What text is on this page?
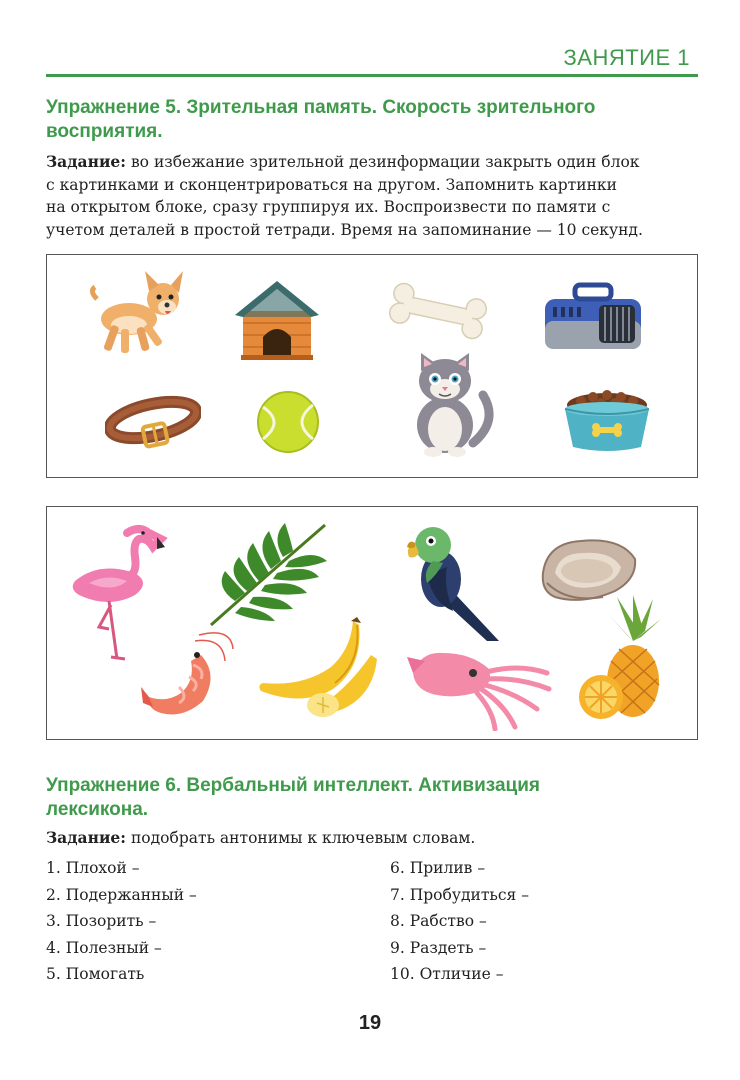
ЗАНЯТИЕ 1
Упражнение 5. Зрительная память. Скорость зрительного
восприятия.
Задание: во избежание зрительной дезинформации закрыть один блок
с картинками и сконцентрироваться на другом. Запомнить картинки
на открытом блоке, сразу группируя их. Воспроизвести по памяти с
учетом деталей в простой тетради. Время на запоминание — 10 секунд.
Упражнение 6. Вербальный интеллект. Активизация
лексикона.
Задание: подобрать антонимы к ключевым словам.
1. Плохой –
2. Подержанный –
3. Позорить –
4. Полезный –
5. Помогать
6. Прилив –
7. Пробудиться –
8. Рабство –
9. Раздеть –
10. Отличие –
19
